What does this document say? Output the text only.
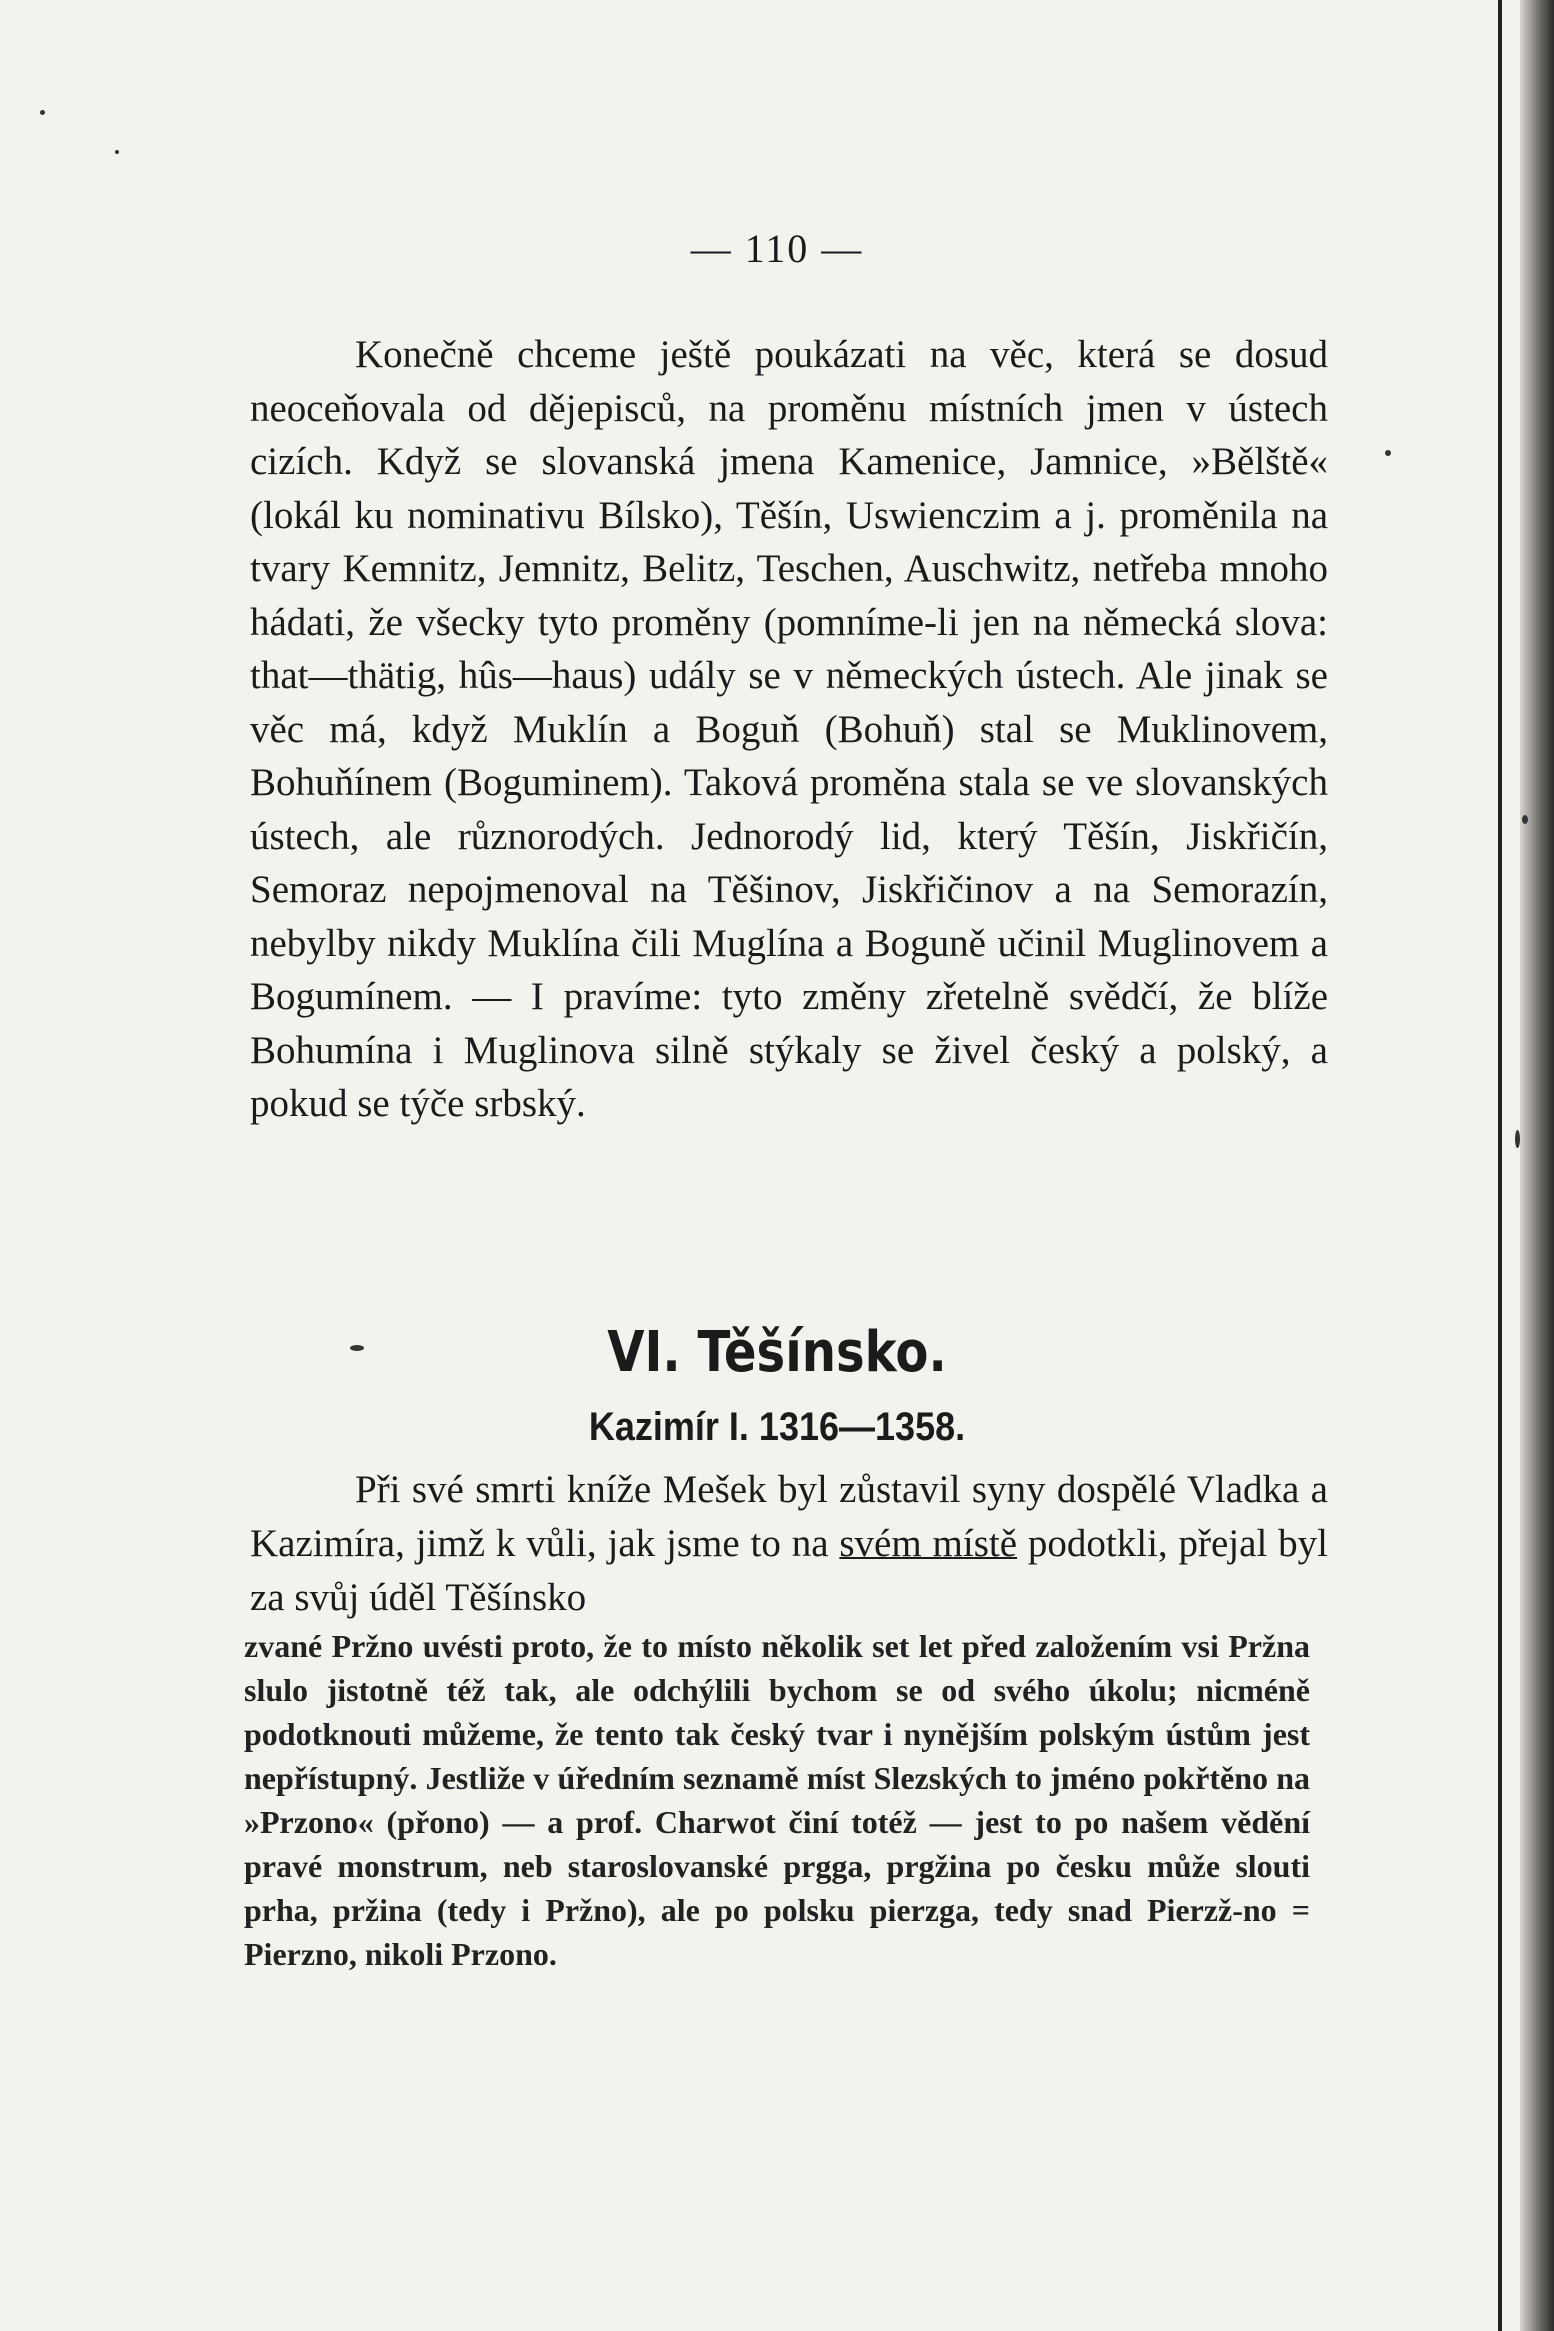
— 110 —

Konečně chceme ještě poukázati na věc, která se dosud neoceňovala od dějepisců, na proměnu místních jmen v ústech cizích. Když se slovanská jmena Kamenice, Jamnice, »Bělště« (lokál ku nominativu Bílsko), Těšín, Uswienczim a j. proměnila na tvary Kemnitz, Jemnitz, Belitz, Teschen, Auschwitz, netřeba mnoho hádati, že všecky tyto proměny (pomníme-li jen na německá slova: that—thätig, hûs—haus) udály se v německých ústech. Ale jinak se věc má, když Muklín a Boguň (Bohuň) stal se Muklinovem, Bohuňínem (Boguminem). Taková proměna stala se ve slovanských ústech, ale různorodých. Jednorodý lid, který Těšín, Jiskřičín, Semoraz nepojmenoval na Těšinov, Jiskřičinov a na Semorazín, nebylby nikdy Muklína čili Muglína a Boguně učinil Muglinovem a Bogumínem. — I pravíme: tyto změny zřetelně svědčí, že blíže Bohumína i Muglinova silně stýkaly se živel český a polský, a pokud se týče srbský.

VI. Těšínsko.
Kazimír I. 1316—1358.

Při své smrti kníže Mešek byl zůstavil syny dospělé Vladka a Kazimíra, jimž k vůli, jak jsme to na svém místě podotkli, přejal byl za svůj úděl Těšínsko

zvané Pržno uvésti proto, že to místo několik set let před založením vsi Pržna slulo jistotně též tak, ale odchýlili bychom se od svého úkolu; nicméně podotknouti můžeme, že tento tak český tvar i nynějším polským ústům jest nepřístupný. Jestliže v úředním seznamě míst Slezských to jméno pokřtěno na »Przono« (přono) — a prof. Charwot činí totéž — jest to po našem vědění pravé monstrum, neb staroslovanské prgga, prgžina po česku může slouti prha, pržina (tedy i Pržno), ale po polsku pierzga, tedy snad Pierzž-no = Pierzno, nikoli Przono.
